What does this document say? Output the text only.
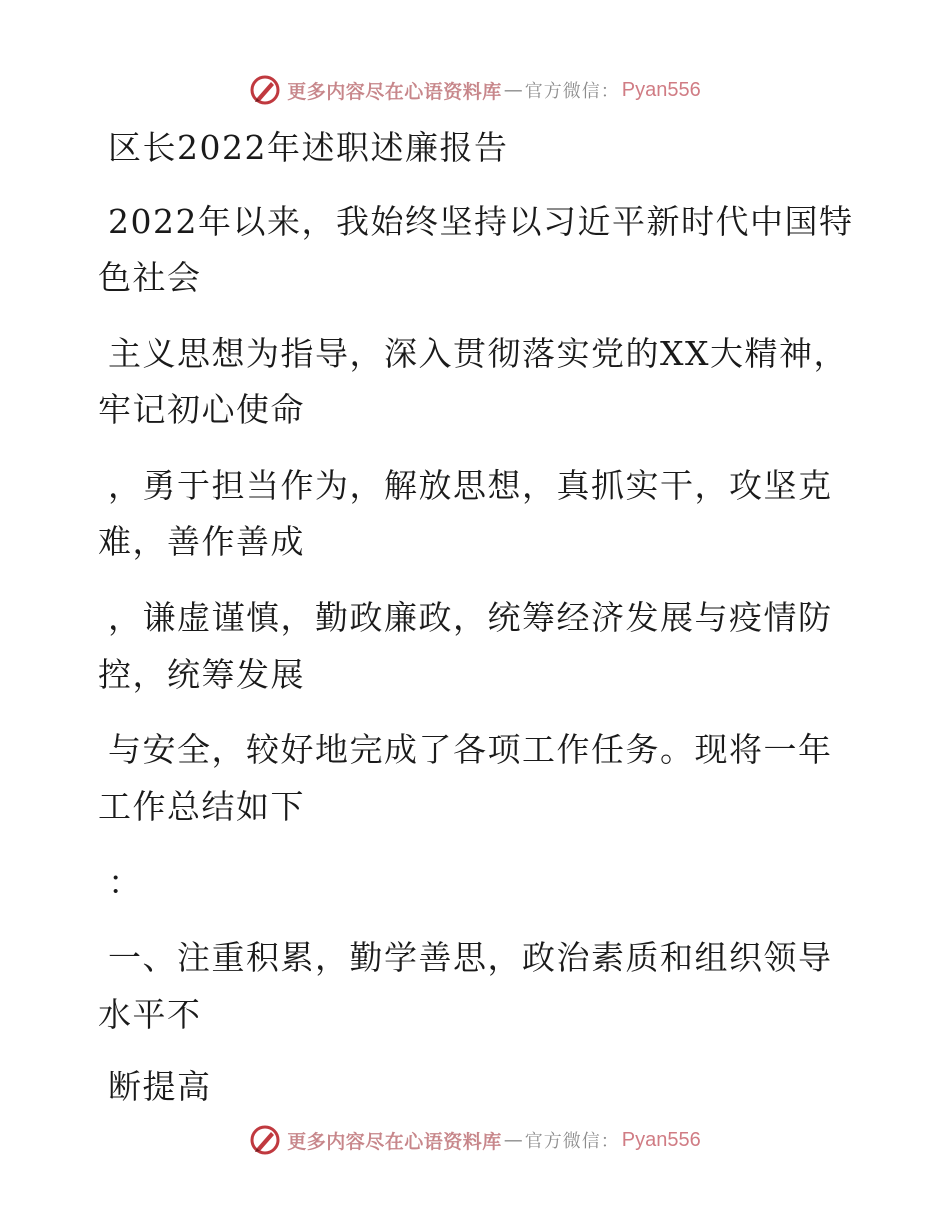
更多内容尽在心语资料库 — 官方微信： Pyan556
区长2022年述职述廉报告
2022年以来，我始终坚持以习近平新时代中国特
色社会
主义思想为指导，深入贯彻落实党的XX大精神，
牢记初心使命
，勇于担当作为，解放思想，真抓实干，攻坚克
难，善作善成
，谦虚谨慎，勤政廉政，统筹经济发展与疫情防
控，统筹发展
与安全，较好地完成了各项工作任务。现将一年
工作总结如下
：
一、注重积累，勤学善思，政治素质和组织领导
水平不
断提高
更多内容尽在心语资料库 — 官方微信： Pyan556
